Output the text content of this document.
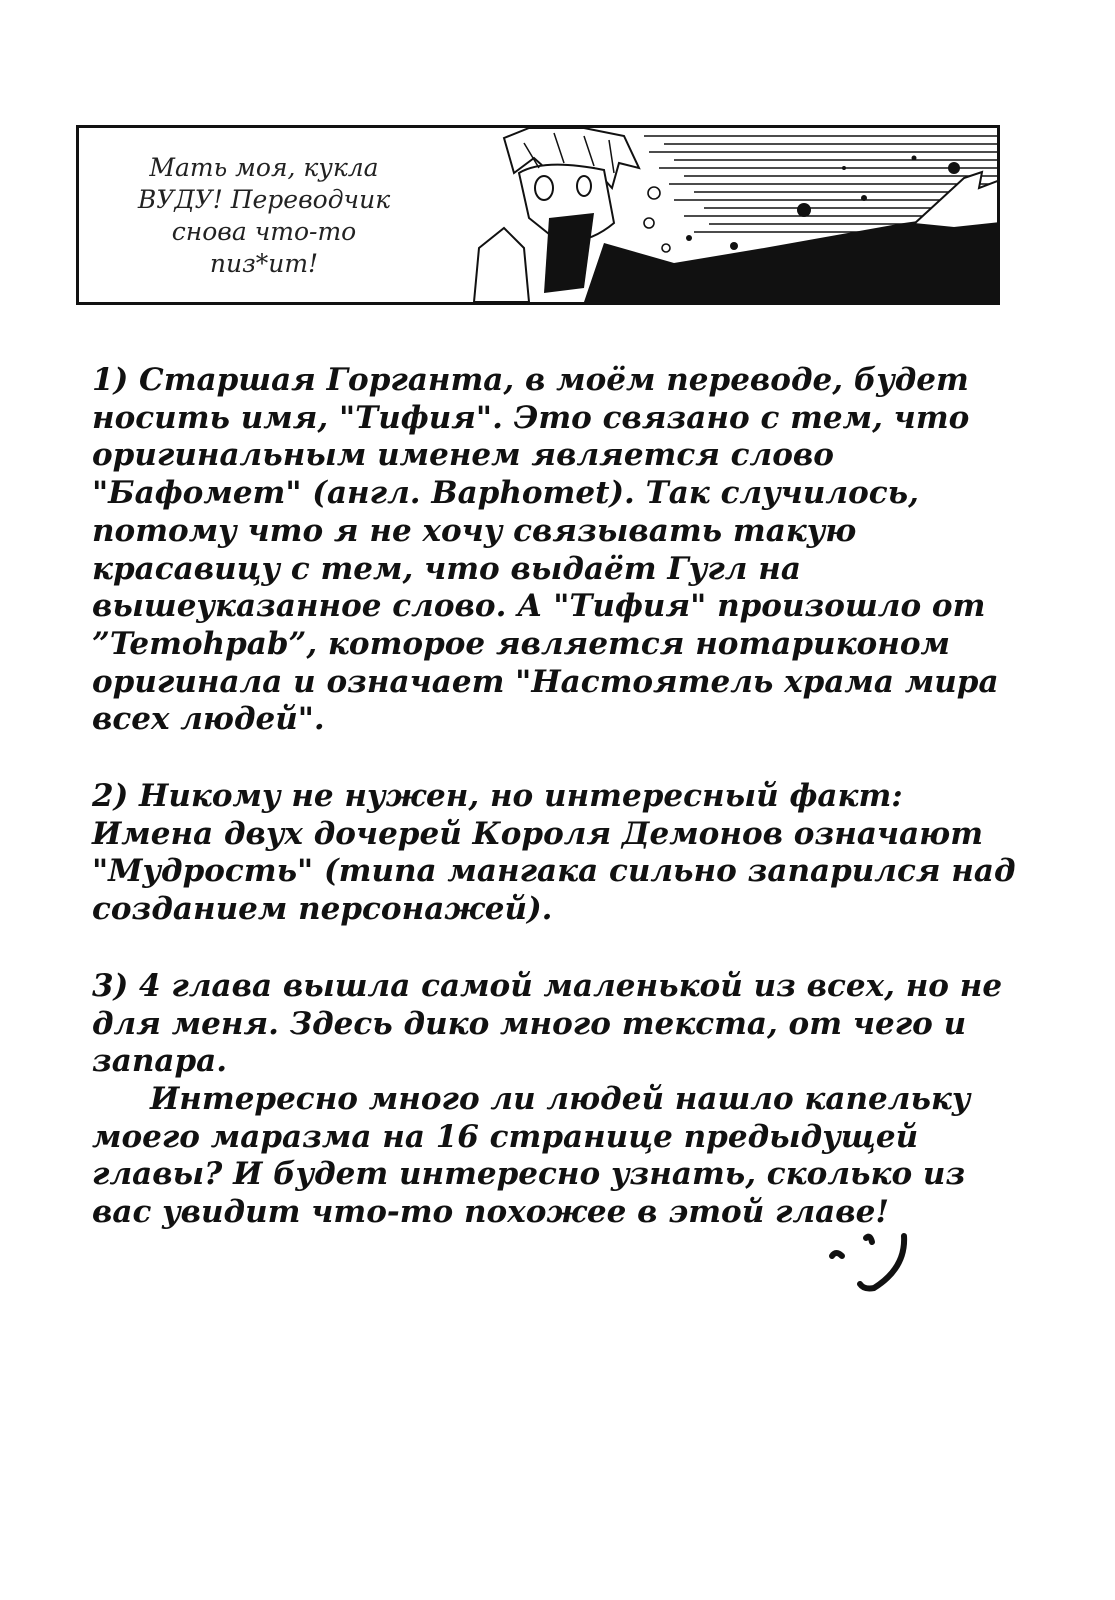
Мать моя, кукла
ВУДУ! Переводчик
снова что-то
пиз*ит!

1) Старшая Горганта, в моём переводе, будет носить имя, "Тифия". Это связано с тем, что оригинальным именем является слово "Бафомет" (англ. Baphomet). Так случилось, потому что я не хочу связывать такую красавицу с тем, что выдаёт Гугл на вышеуказанное слово. А "Тифия" произошло от ”Temohpab”, которое является нотариконом оригинала и означает "Настоятель храма мира всех людей".

2) Никому не нужен, но интересный факт: Имена двух дочерей Короля Демонов означают "Мудрость" (типа мангака сильно запарился над созданием персонажей).

3) 4 глава вышла самой маленькой из всех, но не для меня. Здесь дико много текста, от чего и запара.

Интересно много ли людей нашло капельку моего маразма на 16 странице предыдущей главы? И будет интересно узнать, сколько из вас увидит что-то похожее в этой главе!
